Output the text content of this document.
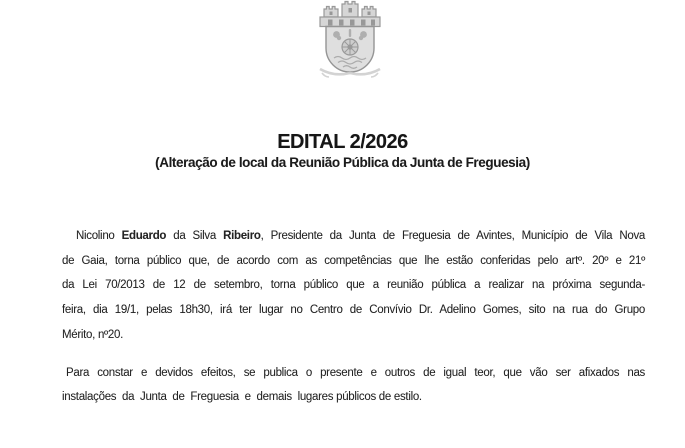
EDITAL 2/2026
(Alteração de local da Reunião Pública da Junta de Freguesia)
Nicolino Eduardo da Silva Ribeiro, Presidente da Junta de Freguesia de Avintes, Município de Vila Nova
de Gaia, torna público que, de acordo com as competências que lhe estão conferidas pelo artº. 20º e 21º
da Lei 70/2013 de 12 de setembro, torna público que a reunião pública a realizar na próxima segunda-
feira, dia 19/1, pelas 18h30, irá ter lugar no Centro de Convívio Dr. Adelino Gomes, sito na rua do Grupo
Mérito, nº20.
Para constar e devidos efeitos, se publica o presente e outros de igual teor, que vão ser afixados nas
instalações  da  Junta  de  Freguesia  e  demais  lugares públicos de estilo.
